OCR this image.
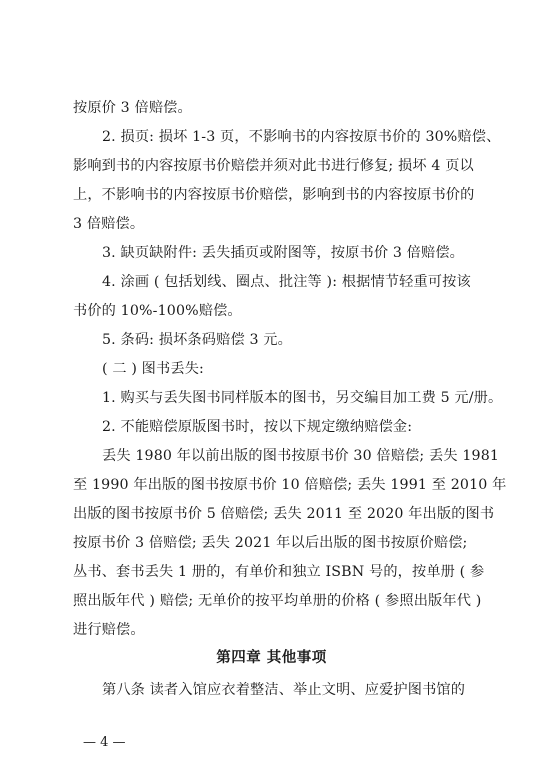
按原价 3 倍赔偿。
2. 损页: 损坏 1-3 页，不影响书的内容按原书价的 30%赔偿、
影响到书的内容按原书价赔偿并须对此书进行修复; 损坏 4 页以
上，不影响书的内容按原书价赔偿，影响到书的内容按原书价的
3 倍赔偿。
3. 缺页缺附件: 丢失插页或附图等，按原书价 3 倍赔偿。
4. 涂画 ( 包括划线、圈点、批注等 ): 根据情节轻重可按该
书价的 10%-100%赔偿。
5. 条码: 损坏条码赔偿 3 元。
( 二 ) 图书丢失:
1. 购买与丢失图书同样版本的图书，另交编目加工费 5 元/册。
2. 不能赔偿原版图书时，按以下规定缴纳赔偿金:
丢失 1980 年以前出版的图书按原书价 30 倍赔偿; 丢失 1981
至 1990 年出版的图书按原书价 10 倍赔偿; 丢失 1991 至 2010 年
出版的图书按原书价 5 倍赔偿; 丢失 2011 至 2020 年出版的图书
按原书价 3 倍赔偿; 丢失 2021 年以后出版的图书按原价赔偿;
丛书、套书丢失 1 册的，有单价和独立 ISBN 号的，按单册 ( 参
照出版年代 ) 赔偿; 无单价的按平均单册的价格 ( 参照出版年代 )
进行赔偿。
第四章 其他事项
第八条 读者入馆应衣着整洁、举止文明、应爱护图书馆的
— 4 —
